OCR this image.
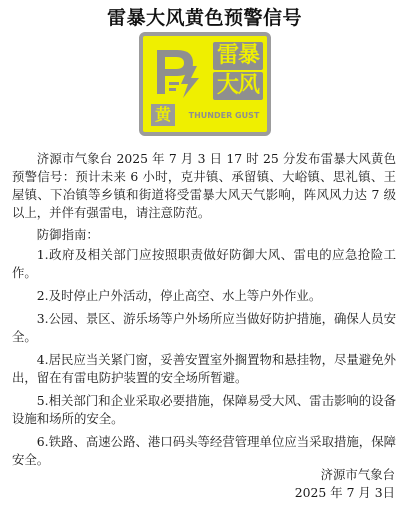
雷暴大风黄色预警信号
雷暴
大风
黄	THUNDER GUST

济源市气象台 2025 年 7 月 3 日 17 时 25 分发布雷暴大风黄色预警信号：预计未来 6 小时，克井镇、承留镇、大峪镇、思礼镇、王屋镇、下冶镇等乡镇和街道将受雷暴大风天气影响，阵风风力达 7 级以上，并伴有强雷电，请注意防范。

防御指南：

1.政府及相关部门应按照职责做好防御大风、雷电的应急抢险工作。

2.及时停止户外活动，停止高空、水上等户外作业。

3.公园、景区、游乐场等户外场所应当做好防护措施，确保人员安全。

4.居民应当关紧门窗，妥善安置室外搁置物和悬挂物，尽量避免外出，留在有雷电防护装置的安全场所暂避。

5.相关部门和企业采取必要措施，保障易受大风、雷击影响的设备设施和场所的安全。

6.铁路、高速公路、港口码头等经营管理单位应当采取措施，保障安全。

济源市气象台
2025 年 7 月 3日
